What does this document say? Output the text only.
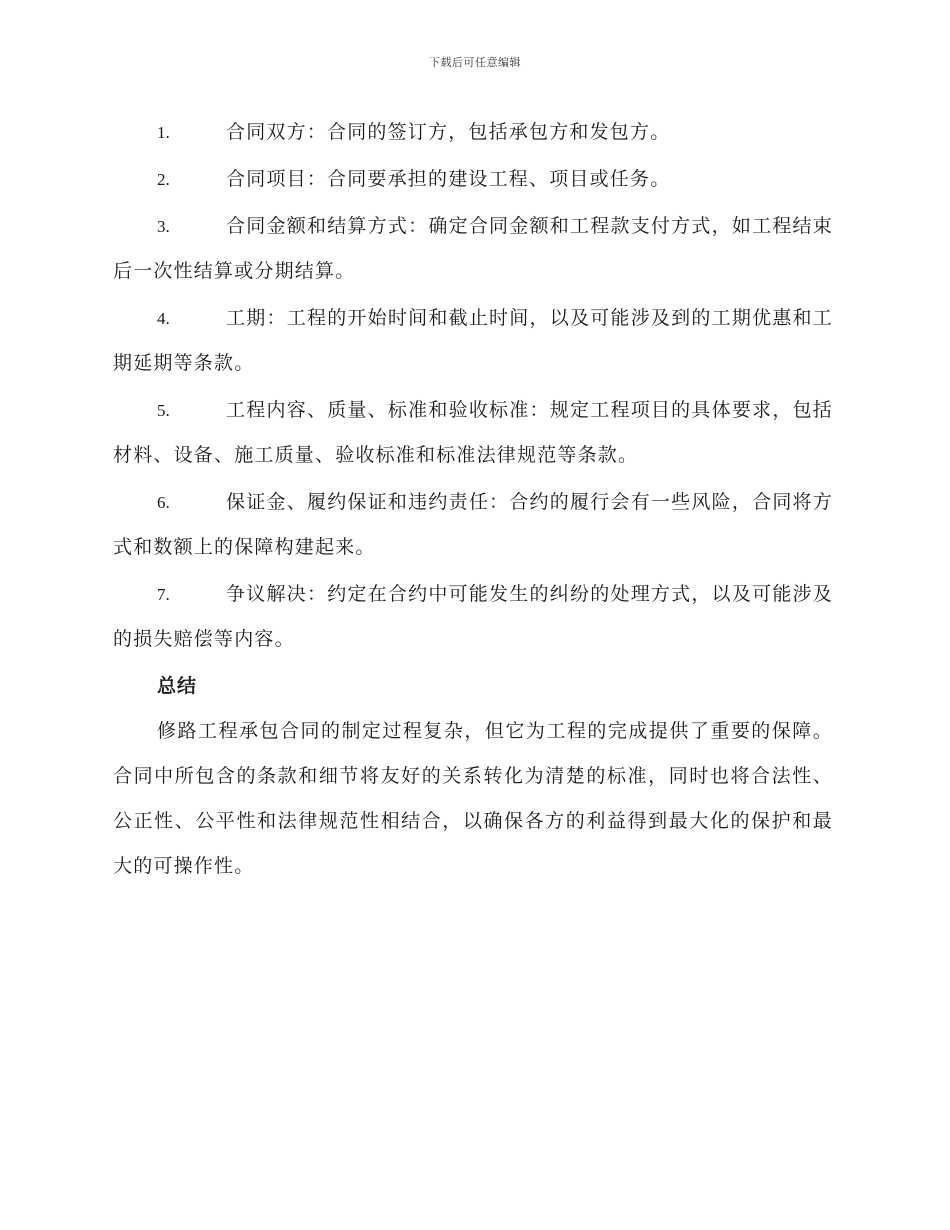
下载后可任意编辑

1.	合同双方：合同的签订方，包括承包方和发包方。

2.	合同项目：合同要承担的建设工程、项目或任务。

3.	合同金额和结算方式：确定合同金额和工程款支付方式，如工程结束后一次性结算或分期结算。

4.	工期：工程的开始时间和截止时间，以及可能涉及到的工期优惠和工期延期等条款。

5.	工程内容、质量、标准和验收标准：规定工程项目的具体要求，包括材料、设备、施工质量、验收标准和标准法律规范等条款。

6.	保证金、履约保证和违约责任：合约的履行会有一些风险，合同将方式和数额上的保障构建起来。

7.	争议解决：约定在合约中可能发生的纠纷的处理方式，以及可能涉及的损失赔偿等内容。

总结

修路工程承包合同的制定过程复杂，但它为工程的完成提供了重要的保障。合同中所包含的条款和细节将友好的关系转化为清楚的标准，同时也将合法性、公正性、公平性和法律规范性相结合，以确保各方的利益得到最大化的保护和最大的可操作性。
